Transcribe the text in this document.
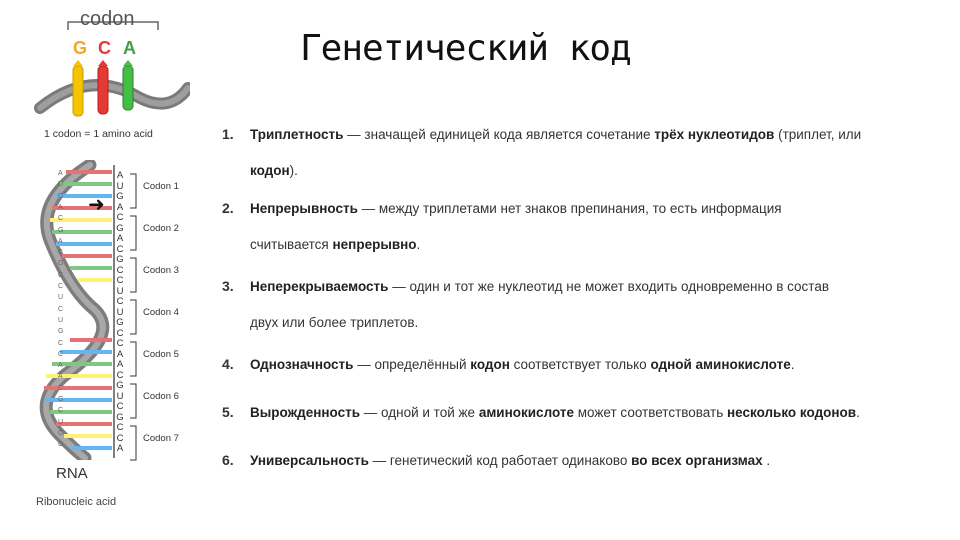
Генетический код
codon
G C A
1 codon = 1 amino acid
➜
Codon 1
Codon 2
Codon 3
Codon 4
Codon 5
Codon 6
Codon 7
A
U
G
A
C
G
A
C
G
C
C
U
C
U
G
C
C
A
A
C
G
U
C
G
C
C
A
A
U
G
A
C
G
A
C
G
C
C
U
C
U
G
C
C
A
A
C
G
C
U
C
G
RNA
Ribonucleic acid
1. Триплетность — значащей единицей кода является сочетание трёх нуклеотидов (триплет, или
кодон).
2. Непрерывность — между триплетами нет знаков препинания, то есть информация
считывается непрерывно.
3. Неперекрываемость — один и тот же нуклеотид не может входить одновременно в состав
двух или более триплетов.
4. Однозначность — определённый кодон соответствует только одной аминокислоте.
5. Вырожденность — одной и той же аминокислоте может соответствовать несколько кодонов.
6. Универсальность — генетический код работает одинаково во всех организмах .
